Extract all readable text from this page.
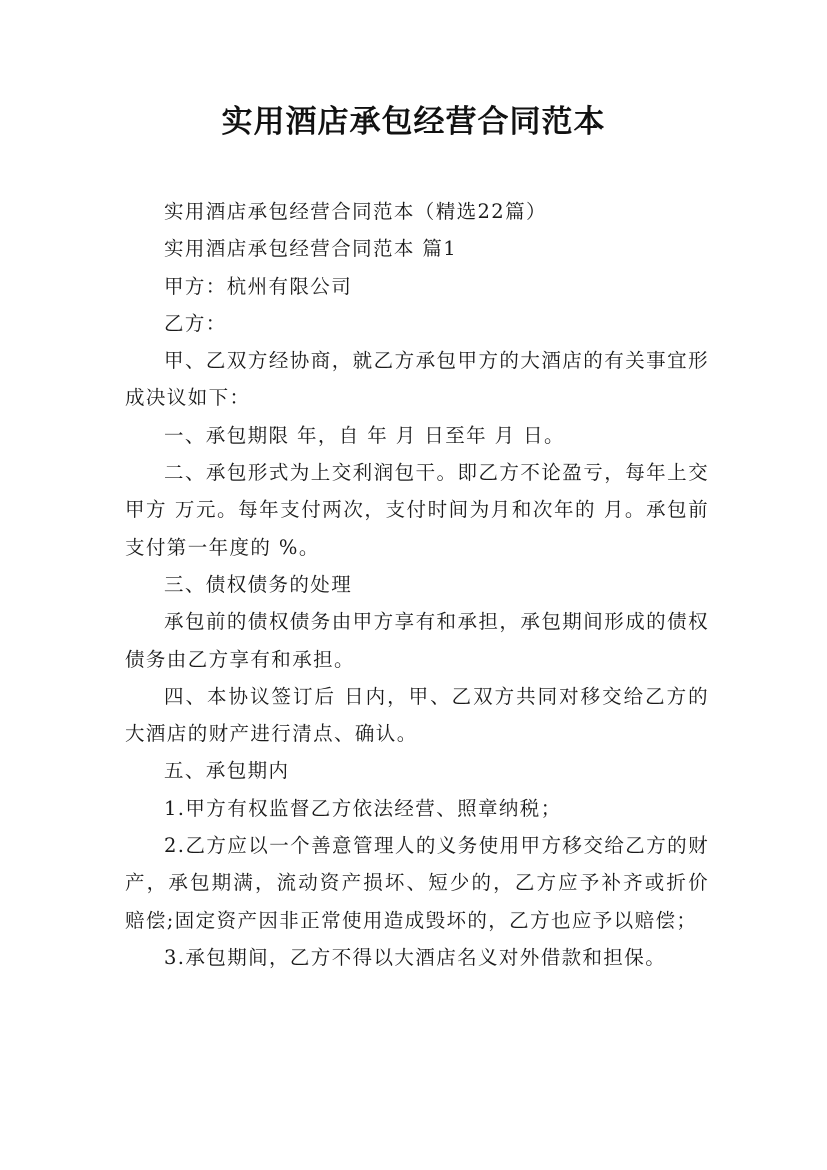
实用酒店承包经营合同范本

实用酒店承包经营合同范本（精选22篇）

实用酒店承包经营合同范本 篇1

甲方：杭州有限公司

乙方：

甲、乙双方经协商，就乙方承包甲方的大酒店的有关事宜形成决议如下：

一、承包期限 年，自 年 月 日至年 月 日。

二、承包形式为上交利润包干。即乙方不论盈亏，每年上交甲方 万元。每年支付两次，支付时间为月和次年的 月。承包前支付第一年度的 %。

三、债权债务的处理

承包前的债权债务由甲方享有和承担，承包期间形成的债权债务由乙方享有和承担。

四、本协议签订后 日内，甲、乙双方共同对移交给乙方的大酒店的财产进行清点、确认。

五、承包期内

1.甲方有权监督乙方依法经营、照章纳税；

2.乙方应以一个善意管理人的义务使用甲方移交给乙方的财产，承包期满，流动资产损坏、短少的，乙方应予补齐或折价赔偿;固定资产因非正常使用造成毁坏的，乙方也应予以赔偿；

3.承包期间，乙方不得以大酒店名义对外借款和担保。
